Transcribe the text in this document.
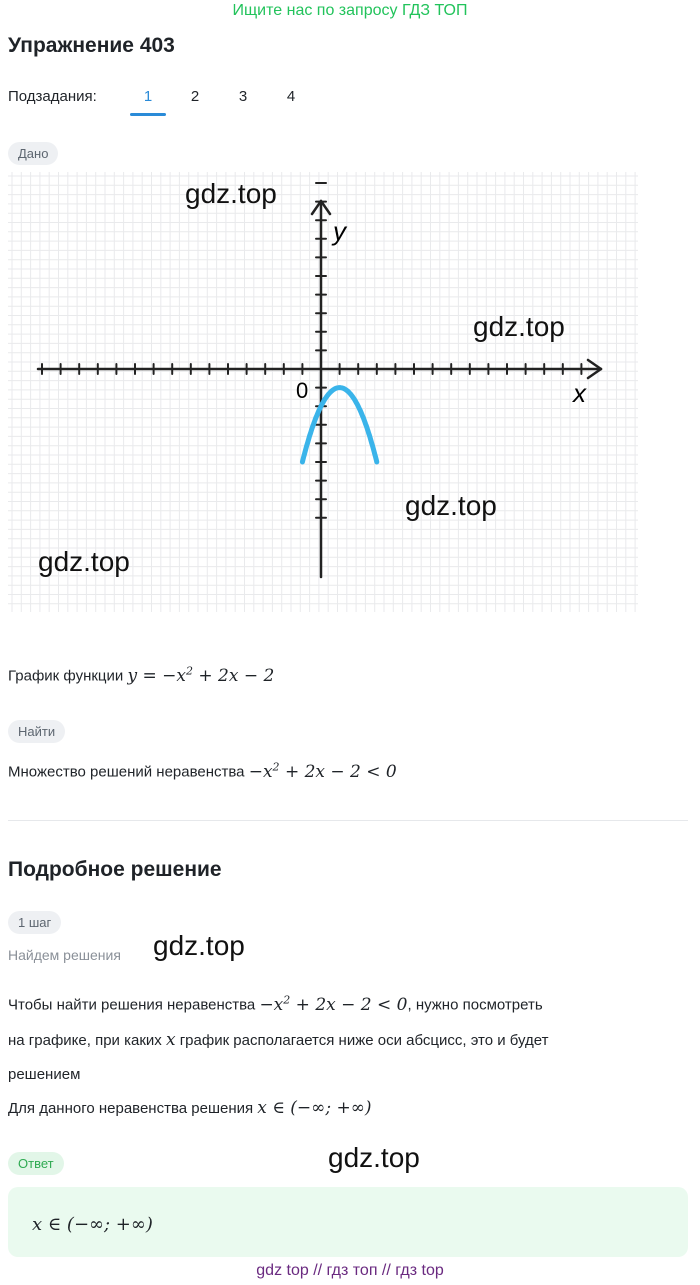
Ищите нас по запросу ГДЗ ТОП
Упражнение 403
Подзадания:	1	2	3	4
Дано
y
x
0
gdz.top
gdz.top
gdz.top
gdz.top
График функции $y = -x^2 + 2x - 2$
Найти
Множество решений неравенства $-x^2 + 2x - 2 < 0$
Подробное решение
1 шаг
Найдем решения gdz.top
Чтобы найти решения неравенства $-x^2 + 2x - 2 < 0$, нужно посмотреть
на графике, при каких x график располагается ниже оси абсцисс, это и будет
решением
Для данного неравенства решения x ∈ (−∞; +∞)
Ответ	gdz.top
x ∈ (−∞; +∞)
gdz top // гдз топ // гдз top
